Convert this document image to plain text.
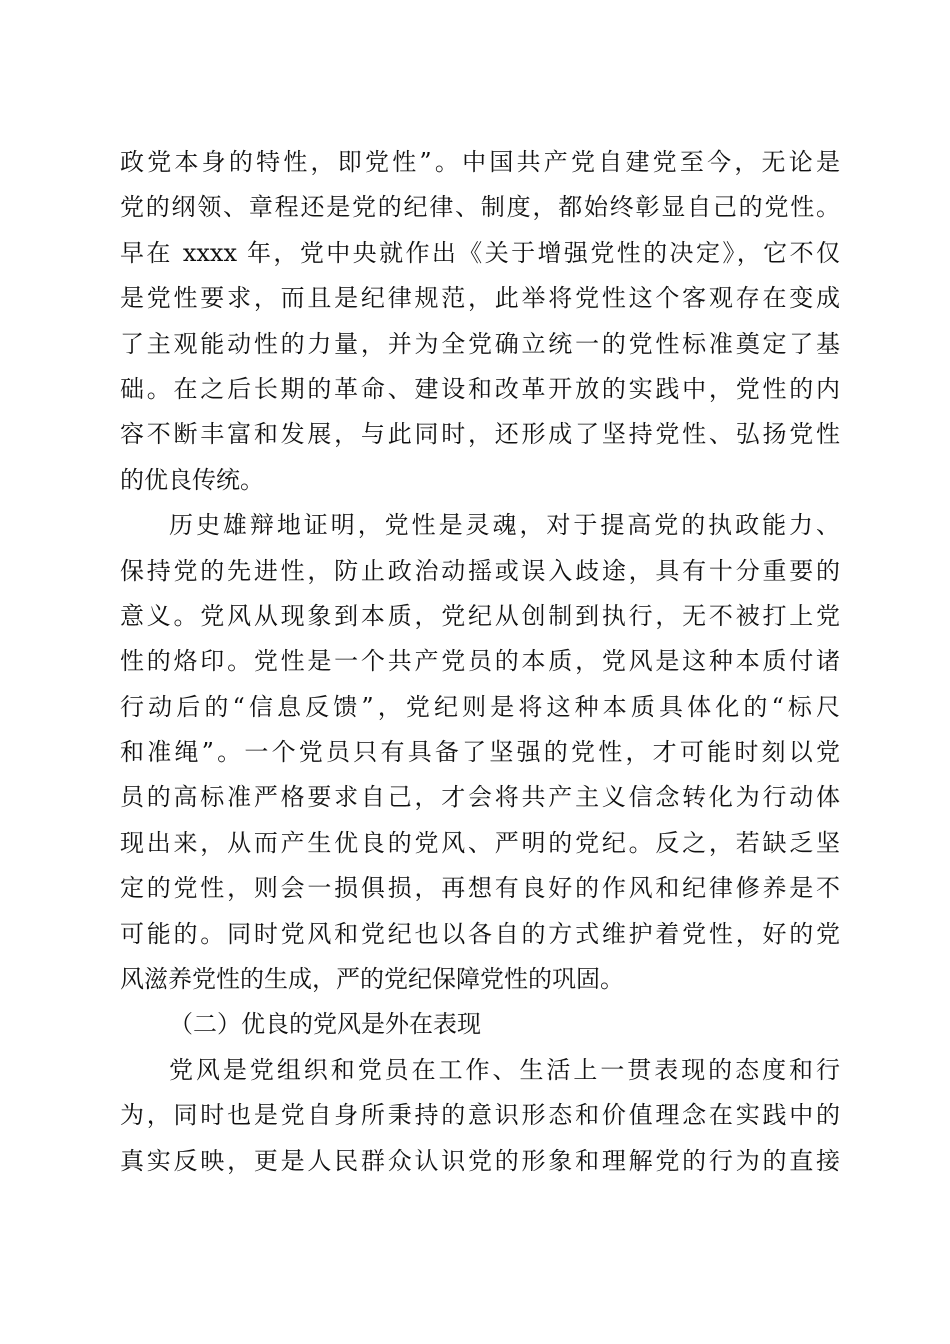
政党本身的特性，即党性”。中国共产党自建党至今，无论是
党的纲领、章程还是党的纪律、制度，都始终彰显自己的党性。
早在 xxxx 年，党中央就作出《关于增强党性的决定》，它不仅
是党性要求，而且是纪律规范，此举将党性这个客观存在变成
了主观能动性的力量，并为全党确立统一的党性标准奠定了基
础。在之后长期的革命、建设和改革开放的实践中，党性的内
容不断丰富和发展，与此同时，还形成了坚持党性、弘扬党性
的优良传统。
历史雄辩地证明，党性是灵魂，对于提高党的执政能力、
保持党的先进性，防止政治动摇或误入歧途，具有十分重要的
意义。党风从现象到本质，党纪从创制到执行，无不被打上党
性的烙印。党性是一个共产党员的本质，党风是这种本质付诸
行动后的“信息反馈”，党纪则是将这种本质具体化的“标尺
和准绳”。一个党员只有具备了坚强的党性，才可能时刻以党
员的高标准严格要求自己，才会将共产主义信念转化为行动体
现出来，从而产生优良的党风、严明的党纪。反之，若缺乏坚
定的党性，则会一损俱损，再想有良好的作风和纪律修养是不
可能的。同时党风和党纪也以各自的方式维护着党性，好的党
风滋养党性的生成，严的党纪保障党性的巩固。
（二）优良的党风是外在表现
党风是党组织和党员在工作、生活上一贯表现的态度和行
为，同时也是党自身所秉持的意识形态和价值理念在实践中的
真实反映，更是人民群众认识党的形象和理解党的行为的直接
